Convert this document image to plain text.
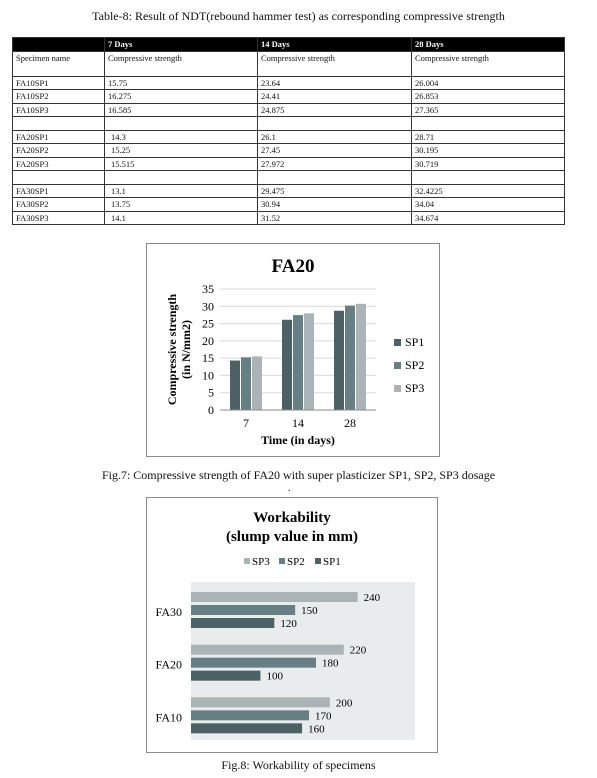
Table-8: Result of NDT(rebound hammer test) as corresponding compressive strength
	7 Days	14 Days	28 Days
Specimen name	Compressive strength	Compressive strength	Compressive strength
FA10SP1	15.75	23.64	26.004
FA10SP2	16.275	24.41	26.853
FA10SP3	16.585	24.875	27.365

FA20SP1	14.3	26.1	28.71
FA20SP2	15.25	27.45	30.195
FA20SP3	15.515	27.972	30.719

FA30SP1	13.1	29.475	32.4225
FA30SP2	13.75	30.94	34.04
FA30SP3	14.1	31.52	34.674
FA20
0
5
10
15
20
25
30
35
7	14	28
Time (in days)
Compressive strength (in N/mm2)	SP1
SP2
SP3
Fig.7: Compressive strength of FA20 with super plasticizer SP1, SP2, SP3 dosage
.
Workability
(slump value in mm)
SP3 SP2 SP1
200
170
160
FA10
220
180
100
FA20
240
150
120
FA30
Fig.8: Workability of specimens
